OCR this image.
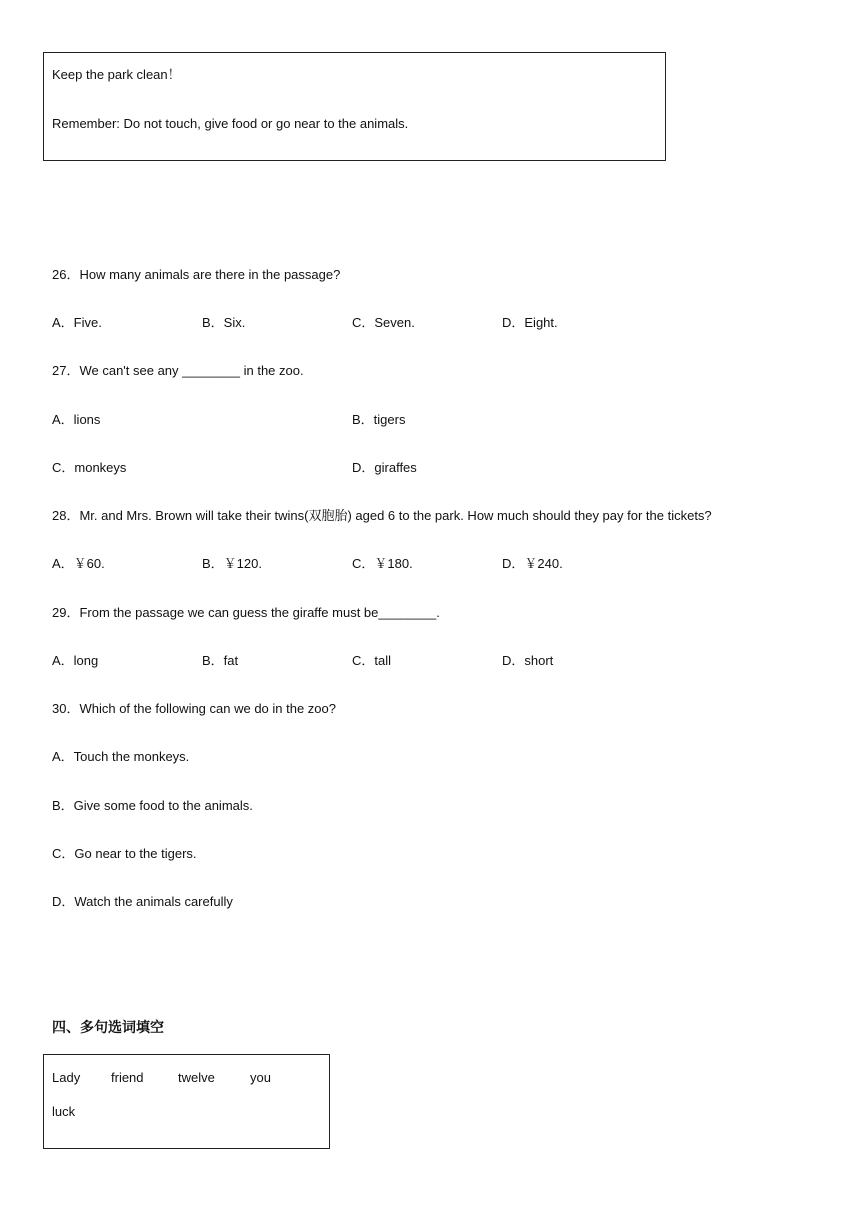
Keep the park clean！
Remember: Do not touch, give food or go near to the animals.
26．How many animals are there in the passage?
A．Five.	B．Six.	C．Seven.	D．Eight.
27．We can't see any ________ in the zoo.
A．lions	B．tigers
C．monkeys	D．giraffes
28．Mr. and Mrs. Brown will take their twins(双胞胎) aged 6 to the park. How much should they pay for the tickets?
A．￥60.	B．￥120.	C．￥180.	D．￥240.
29．From the passage we can guess the giraffe must be________.
A．long	B．fat	C．tall	D．short
30．Which of the following can we do in the zoo?
A．Touch the monkeys.
B．Give some food to the animals.
C．Go near to the tigers.
D．Watch the animals carefully
四、多句选词填空
Lady friend	twelve	you
luck
